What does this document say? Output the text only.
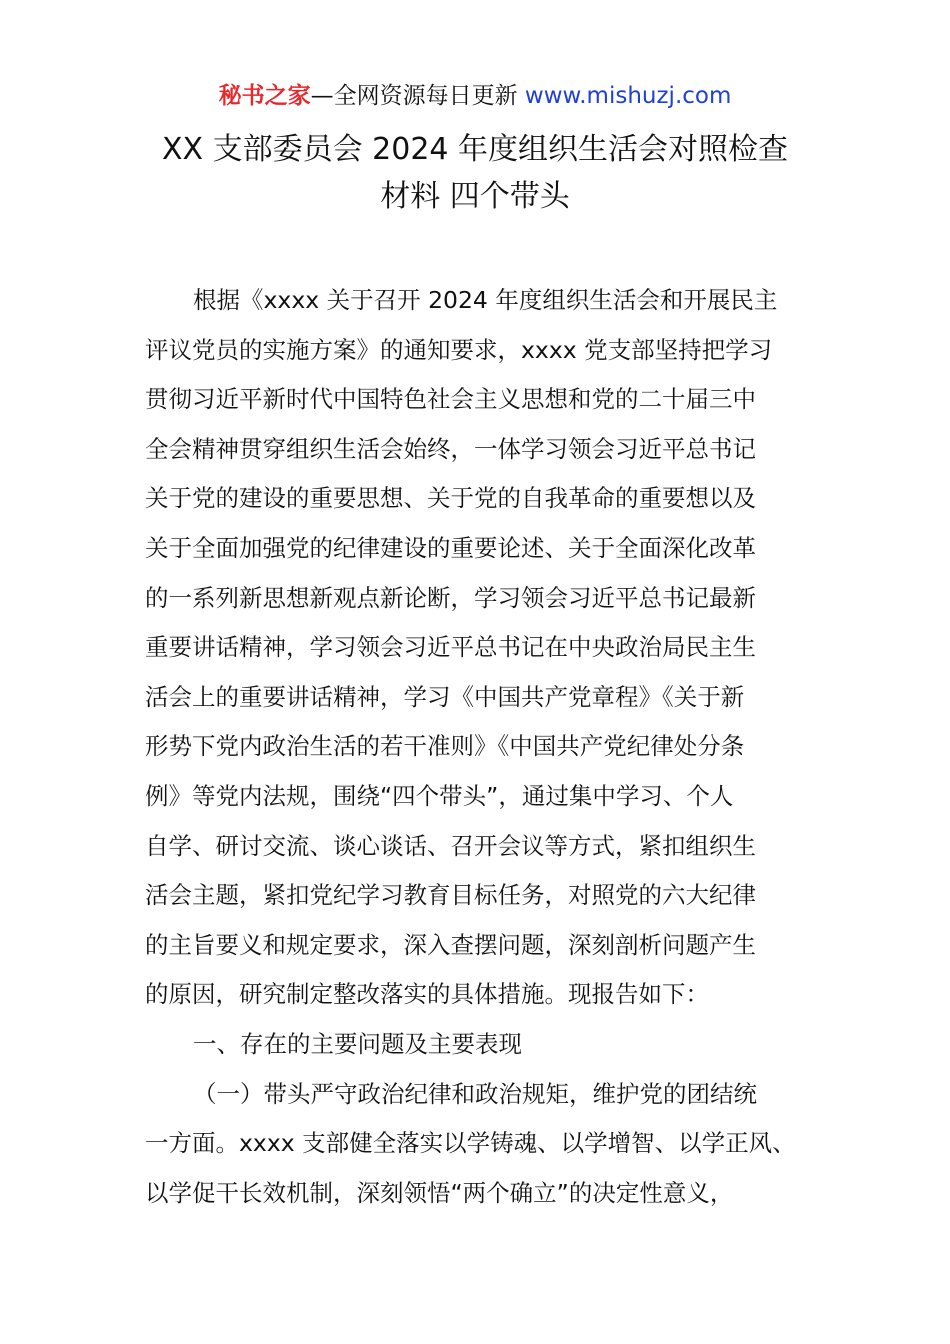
秘书之家—全网资源每日更新 www.mishuzj.com
XX 支部委员会 2024 年度组织生活会对照检查
材料 四个带头
根据《xxxx 关于召开 2024 年度组织生活会和开展民主
评议党员的实施方案》的通知要求，xxxx 党支部坚持把学习
贯彻习近平新时代中国特色社会主义思想和党的二十届三中
全会精神贯穿组织生活会始终，一体学习领会习近平总书记
关于党的建设的重要思想、关于党的自我革命的重要想以及
关于全面加强党的纪律建设的重要论述、关于全面深化改革
的一系列新思想新观点新论断，学习领会习近平总书记最新
重要讲话精神，学习领会习近平总书记在中央政治局民主生
活会上的重要讲话精神，学习《中国共产党章程》《关于新
形势下党内政治生活的若干准则》《中国共产党纪律处分条
例》等党内法规，围绕“四个带头”，通过集中学习、个人
自学、研讨交流、谈心谈话、召开会议等方式，紧扣组织生
活会主题，紧扣党纪学习教育目标任务，对照党的六大纪律
的主旨要义和规定要求，深入查摆问题，深刻剖析问题产生
的原因，研究制定整改落实的具体措施。现报告如下：
一、存在的主要问题及主要表现
（一）带头严守政治纪律和政治规矩，维护党的团结统
一方面。xxxx 支部健全落实以学铸魂、以学增智、以学正风、
以学促干长效机制，深刻领悟“两个确立”的决定性意义，
